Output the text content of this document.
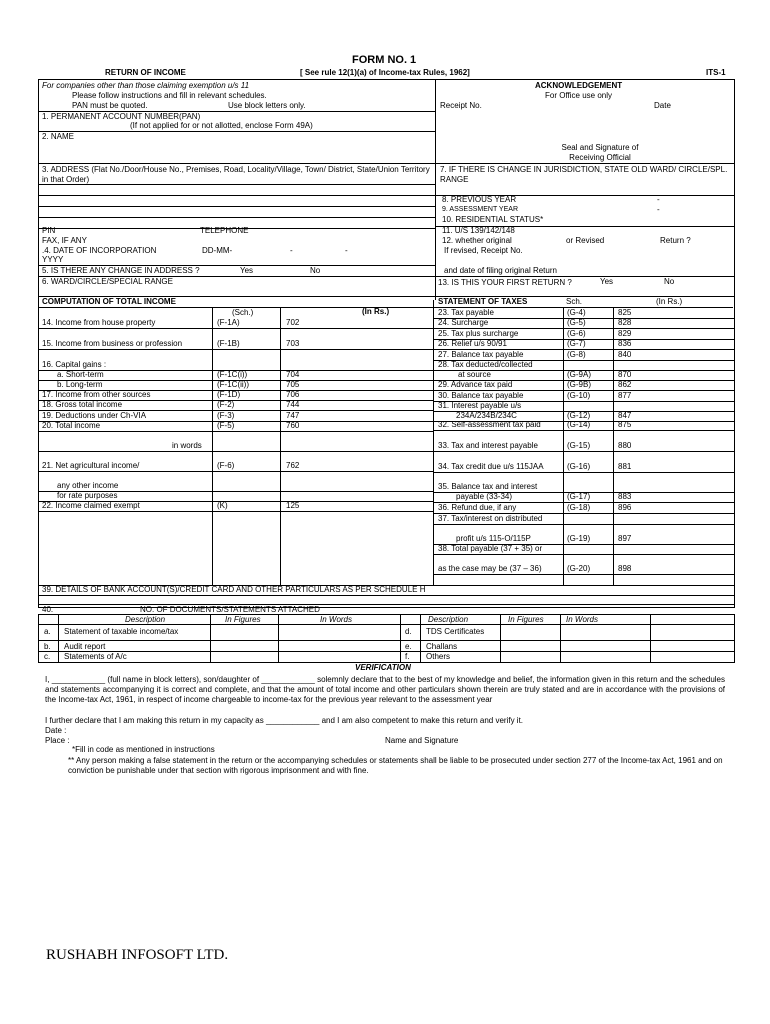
FORM NO. 1
RETURN OF INCOME	[ See rule 12(1)(a) of Income-tax Rules, 1962]	ITS-1
For companies other than those claiming exemption u/s 11
Please follow instructions and fill in relevant schedules.
PAN must be quoted.	Use block letters only.
1. PERMANENT ACCOUNT NUMBER(PAN)
(If not applied for or not allotted, enclose Form 49A)
2. NAME
3. ADDRESS (Flat No./Door/House No., Premises, Road, Locality/Village, Town/ District, State/Union Territory in that Order)
PIN	TELEPHONE
FAX, IF ANY
.4. DATE OF INCORPORATION	DD-MM-	-	-
YYYY
5. IS THERE ANY CHANGE IN ADDRESS ?	Yes	No
6. WARD/CIRCLE/SPECIAL RANGE
ACKNOWLEDGEMENT
For Office use only
Receipt No.	Date
Seal and Signature of Receiving Official
7. IF THERE IS CHANGE IN JURISDICTION, STATE OLD WARD/ CIRCLE/SPL. RANGE
8. PREVIOUS YEAR
9. ASSESSMENT YEAR
-
-
10. RESIDENTIAL STATUS*
11. U/S 139/142/148
12. whether original	or Revised	Return ?
If revised, Receipt No.
and date of filing original Return
13. IS THIS YOUR FIRST RETURN ?	Yes	No
COMPUTATION OF TOTAL INCOME
(In Rs.)
(Sch.)
STATEMENT OF TAXES	Sch.	(In Rs.)
14. Income from house property	(F-1A)	702
15. Income from business or profession	(F-1B)	703
16. Capital gains :
a. Short-term	(F-1C(i))	704
b. Long-term	(F-1C(ii))	705
17. Income from other sources	(F-1D)	706
18. Gross total income	(F-2)	744
19. Deductions under Ch-VIA	(F-3)	747
20. Total income	(F-5)	760
in words
21. Net agricultural income/	(F-6)	762
any other income
for rate purposes
22. Income claimed exempt	(K)	125
23. Tax payable	(G-4)	825
24. Surcharge	(G-5)	828
25. Tax plus surcharge	(G-6)	829
26. Relief u/s 90/91	(G-7)	836
27. Balance tax payable	(G-8)	840
28. Tax deducted/collected
at source	(G-9A)	870
29. Advance tax paid	(G-9B)	862
30. Balance tax payable	(G-10)	877
31. Interest payable u/s
234A/234B/234C	(G-12)	847
32. Self-assessment tax paid	(G-14)	875
33. Tax and interest payable	(G-15)	880
34. Tax credit due u/s 115JAA	(G-16)	881
35. Balance tax and interest
payable (33-34)	(G-17)	883
36. Refund due, if any	(G-18)	896
37. Tax/interest on distributed
profit u/s 115-O/115P	(G-19)	897
38. Total payable (37 + 35) or
as the case may be (37 – 36)	(G-20)	898
39. DETAILS OF BANK ACCOUNT(S)/CREDIT CARD AND OTHER PARTICULARS AS PER SCHEDULE H
40.	NO. OF DOCUMENTS/STATEMENTS ATTACHED
Description	In Figures	In Words	Description	In Figures	In Words
a. Statement of taxable income/tax	d. TDS Certificates
b. Audit report	e. Challans
c. Statements of A/c	f. Others
VERIFICATION
I, ____________ (full name in block letters), son/daughter of ____________ solemnly declare that to the best of my knowledge and belief, the information given in this return and the schedules and statements accompanying it is correct and complete, and that the amount of total income and other particulars shown therein are truly stated and are in accordance with the provisions of the Income-tax Act, 1961, in respect of income chargeable to income-tax for the previous year relevant to the assessment year
I further declare that I am making this return in my capacity as ____________ and I am also competent to make this return and verify it.
Date :
Place :	Name and Signature
*Fill in code as mentioned in instructions
** Any person making a false statement in the return or the accompanying schedules or statements shall be liable to be prosecuted under section 277 of the Income-tax Act, 1961 and on conviction be punishable under that section with rigorous imprisonment and with fine.
RUSHABH INFOSOFT LTD.
